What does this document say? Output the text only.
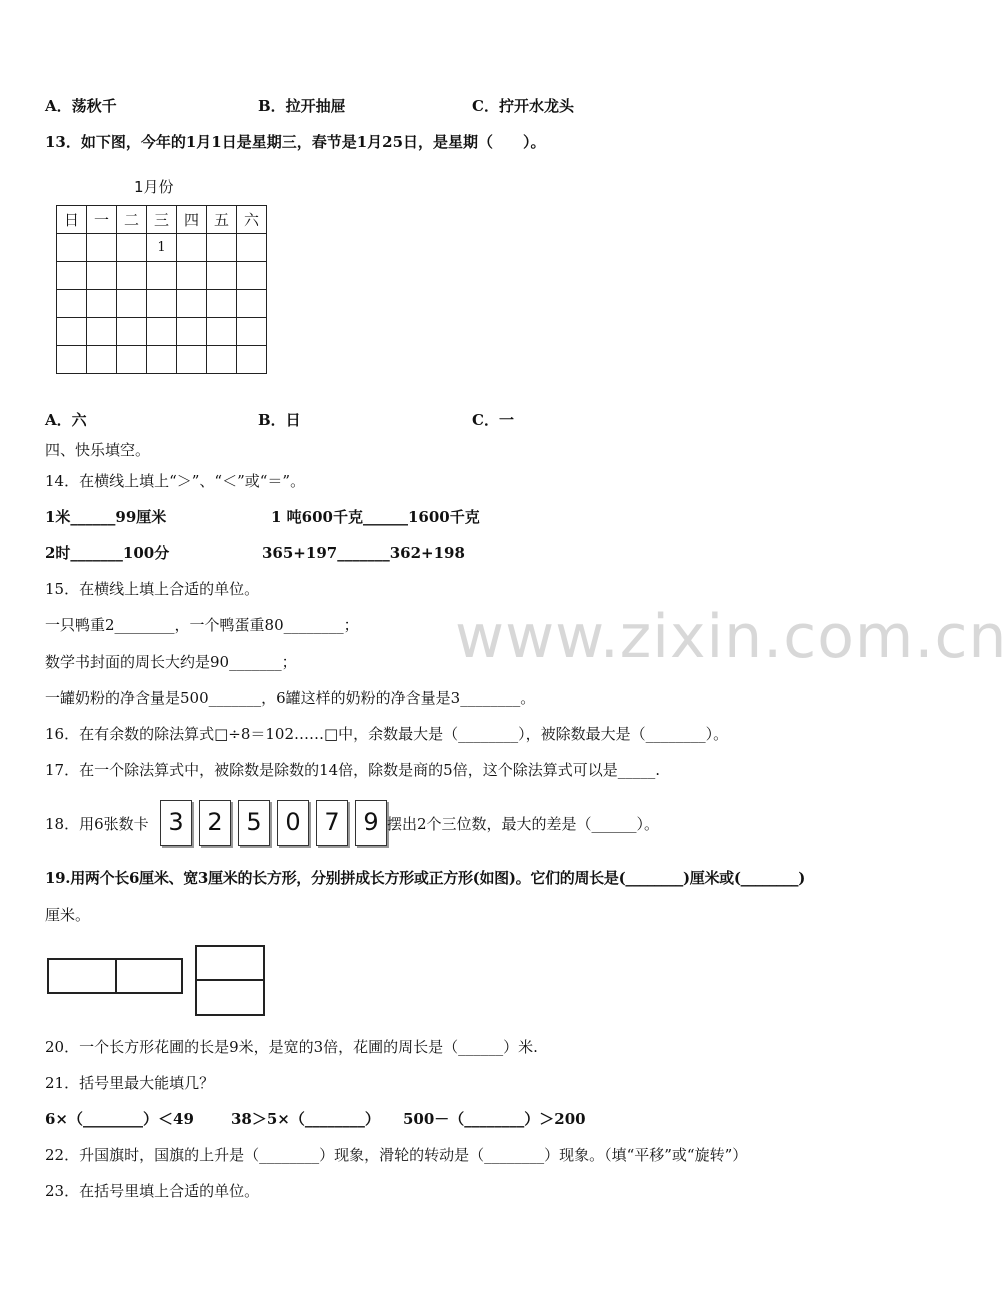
A．荡秋千	B．拉开抽屉	C．拧开水龙头
13．如下图，今年的1月1日是星期三，春节是1月25日，是星期（　　）。
1月份
日	一	二	三	四	五	六
			1			

A．六	B．日	C．一
四、快乐填空。
14．在横线上填上“＞”、“＜”或“＝”。
1米______99厘米	1 吨600千克______1600千克
2时_______100分	365+197_______362+198
www.zixin.com.cn
15．在横线上填上合适的单位。
一只鸭重2________，一个鸭蛋重80________；
数学书封面的周长大约是90_______；
一罐奶粉的净含量是500_______，6罐这样的奶粉的净含量是3________。
16．在有余数的除法算式□÷8＝102……□中，余数最大是（________），被除数最大是（________）。
17．在一个除法算式中，被除数是除数的14倍，除数是商的5倍，这个除法算式可以是_____.
18．用6张数卡 3 2 5 0 7 9 摆出2个三位数，最大的差是（______）。
19.用两个长6厘米、宽3厘米的长方形，分别拼成长方形或正方形(如图)。它们的周长是(________)厘米或(________)
厘米。
20．一个长方形花圃的长是9米，是宽的3倍，花圃的周长是（______）米.
21．括号里最大能填几？
6×（________）＜49 38＞5×（________） 500－（________）＞200
22．升国旗时，国旗的上升是（________）现象，滑轮的转动是（________）现象。（填“平移”或“旋转”）
23．在括号里填上合适的单位。
